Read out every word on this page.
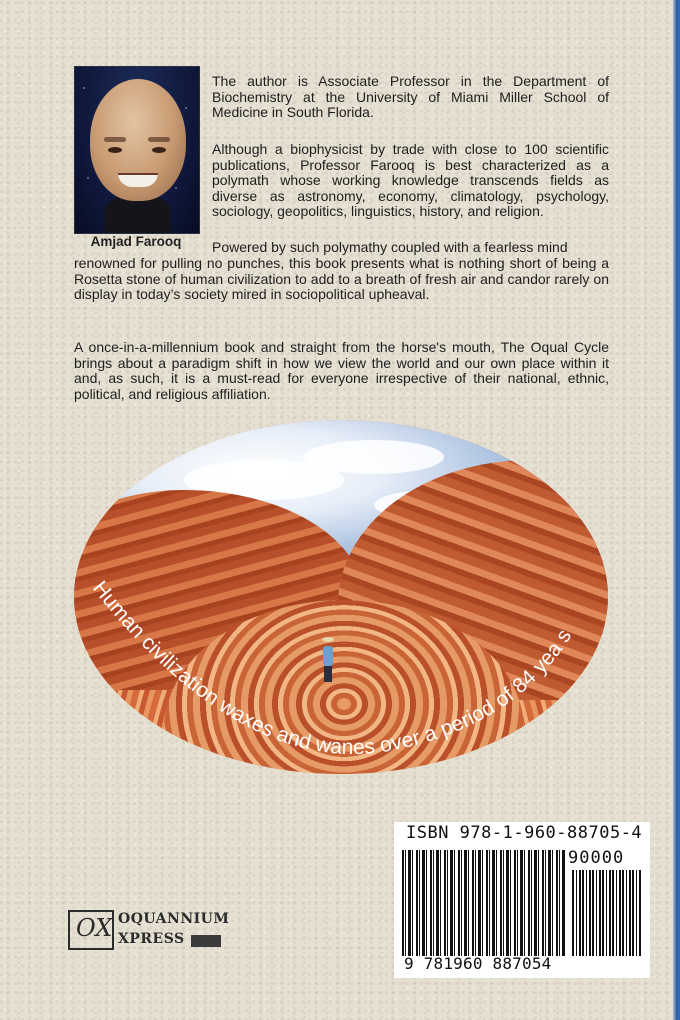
Amjad Farooq

The author is Associate Professor in the Department of Biochemistry at the University of Miami Miller School of Medicine in South Florida.

Although a biophysicist by trade with close to 100 scientific publications, Professor Farooq is best characterized as a polymath whose working knowledge transcends fields as diverse as astronomy, economy, climatology, psychology, sociology, geopolitics, linguistics, history, and religion.

Powered by such polymathy coupled with a fearless mind

renowned for pulling no punches, this book presents what is nothing short of being a Rosetta stone of human civilization to add to a breath of fresh air and candor rarely on display in today’s society mired in sociopolitical upheaval.

A once-in-a-millennium book and straight from the horse's mouth, The Oqual Cycle brings about a paradigm shift in how we view the world and our own place within it and, as such, it is a must-read for everyone irrespective of their national, ethnic, political, and religious affiliation.

Human civilization waxes and wanes over a period of 84 yea s
ISBN 978-1-960-88705-4
90000
9 781960 887054
OX OQUANNIUM
XPRESS
